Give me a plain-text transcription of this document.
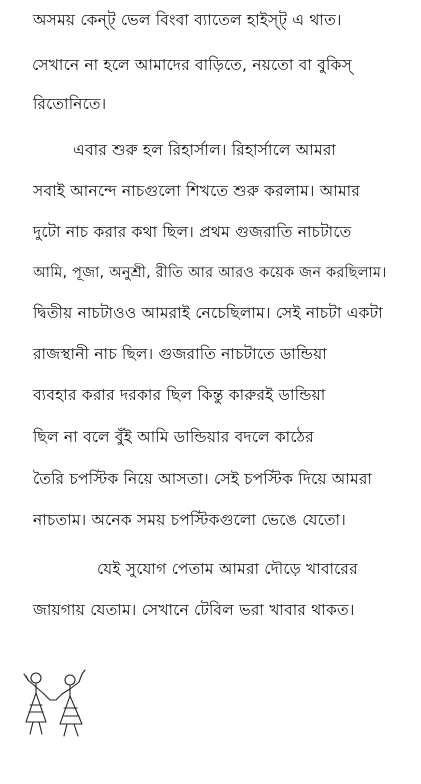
অসময় কেন্ট্ ভেল বিংবা ব্যাতেল হাইস্ট্ এ থাত।
সেখানে না হলে আমাদের বাড়িতে, নয়তো বা বুকিস্
রিতোনিতে।
এবার শুরু হল রিহার্সাল। রিহার্সালে আমরা
সবাই আনন্দে নাচগুলো শিখতে শুরু করলাম। আমার
দুটো নাচ করার কথা ছিল। প্রথম গুজরাতি নাচটাতে
আমি, পূজা, অনুশ্রী, রীতি আর আরও কয়েক জন করছিলাম।
দ্বিতীয় নাচটাওও আমরাই নেচেছিলাম। সেই নাচটা একটা
রাজস্থানী নাচ ছিল। গুজরাতি নাচটাতে ডান্ডিয়া
ব্যবহার করার দরকার ছিল কিন্তু কারুরই ডান্ডিয়া
ছিল না বলে বুঁই আমি ডান্ডিয়ার বদলে কাঠের
তৈরি চপস্টিক নিয়ে আসতা। সেই চপস্টিক দিয়ে আমরা
নাচতাম। অনেক সময় চপস্টিকগুলো ভেঙে যেতো।
যেই সুযোগ পেতাম আমরা দৌড়ে খাবারের
জায়গায় যেতাম। সেখানে টেবিল ভরা খাবার থাকত।
